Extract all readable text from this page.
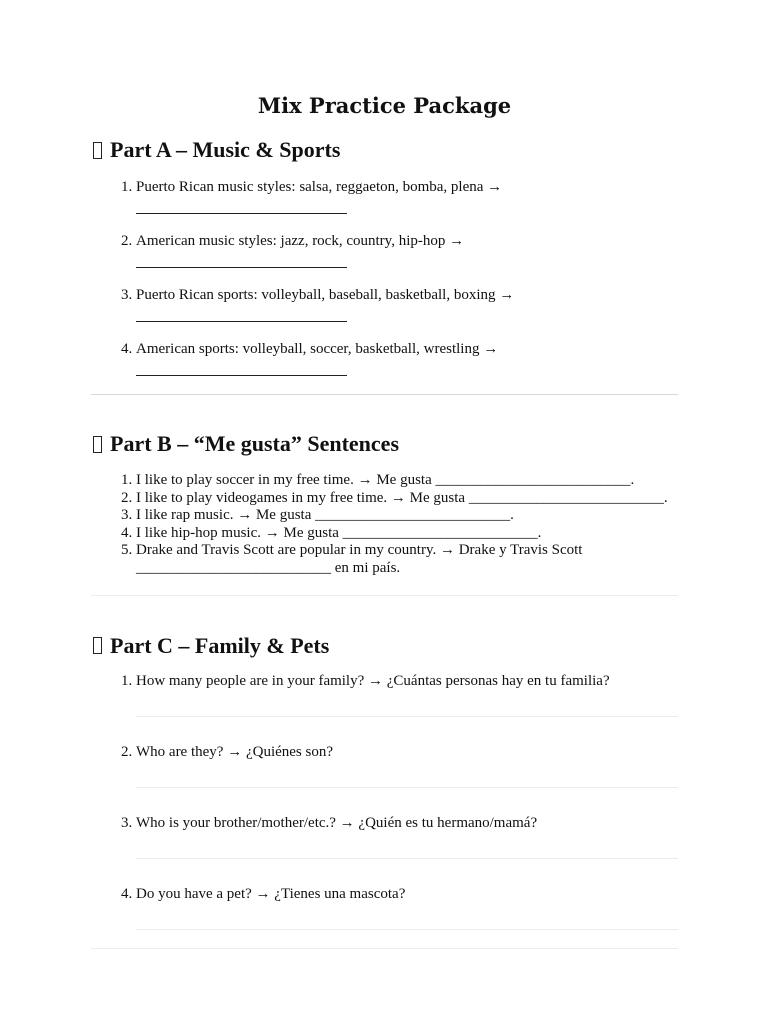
Mix Practice Package
Part A – Music & Sports
1. Puerto Rican music styles: salsa, reggaeton, bomba, plena →
2. American music styles: jazz, rock, country, hip-hop →
3. Puerto Rican sports: volleyball, baseball, basketball, boxing →
4. American sports: volleyball, soccer, basketball, wrestling →
Part B – “Me gusta” Sentences
1. I like to play soccer in my free time. → Me gusta __________________________.
2. I like to play videogames in my free time. → Me gusta __________________________.
3. I like rap music. → Me gusta __________________________.
4. I like hip-hop music. → Me gusta __________________________.
5. Drake and Travis Scott are popular in my country. → Drake y Travis Scott __________________________ en mi país.
Part C – Family & Pets
1. How many people are in your family? → ¿Cuántas personas hay en tu familia?
2. Who are they? → ¿Quiénes son?
3. Who is your brother/mother/etc.? → ¿Quién es tu hermano/mamá?
4. Do you have a pet? → ¿Tienes una mascota?
